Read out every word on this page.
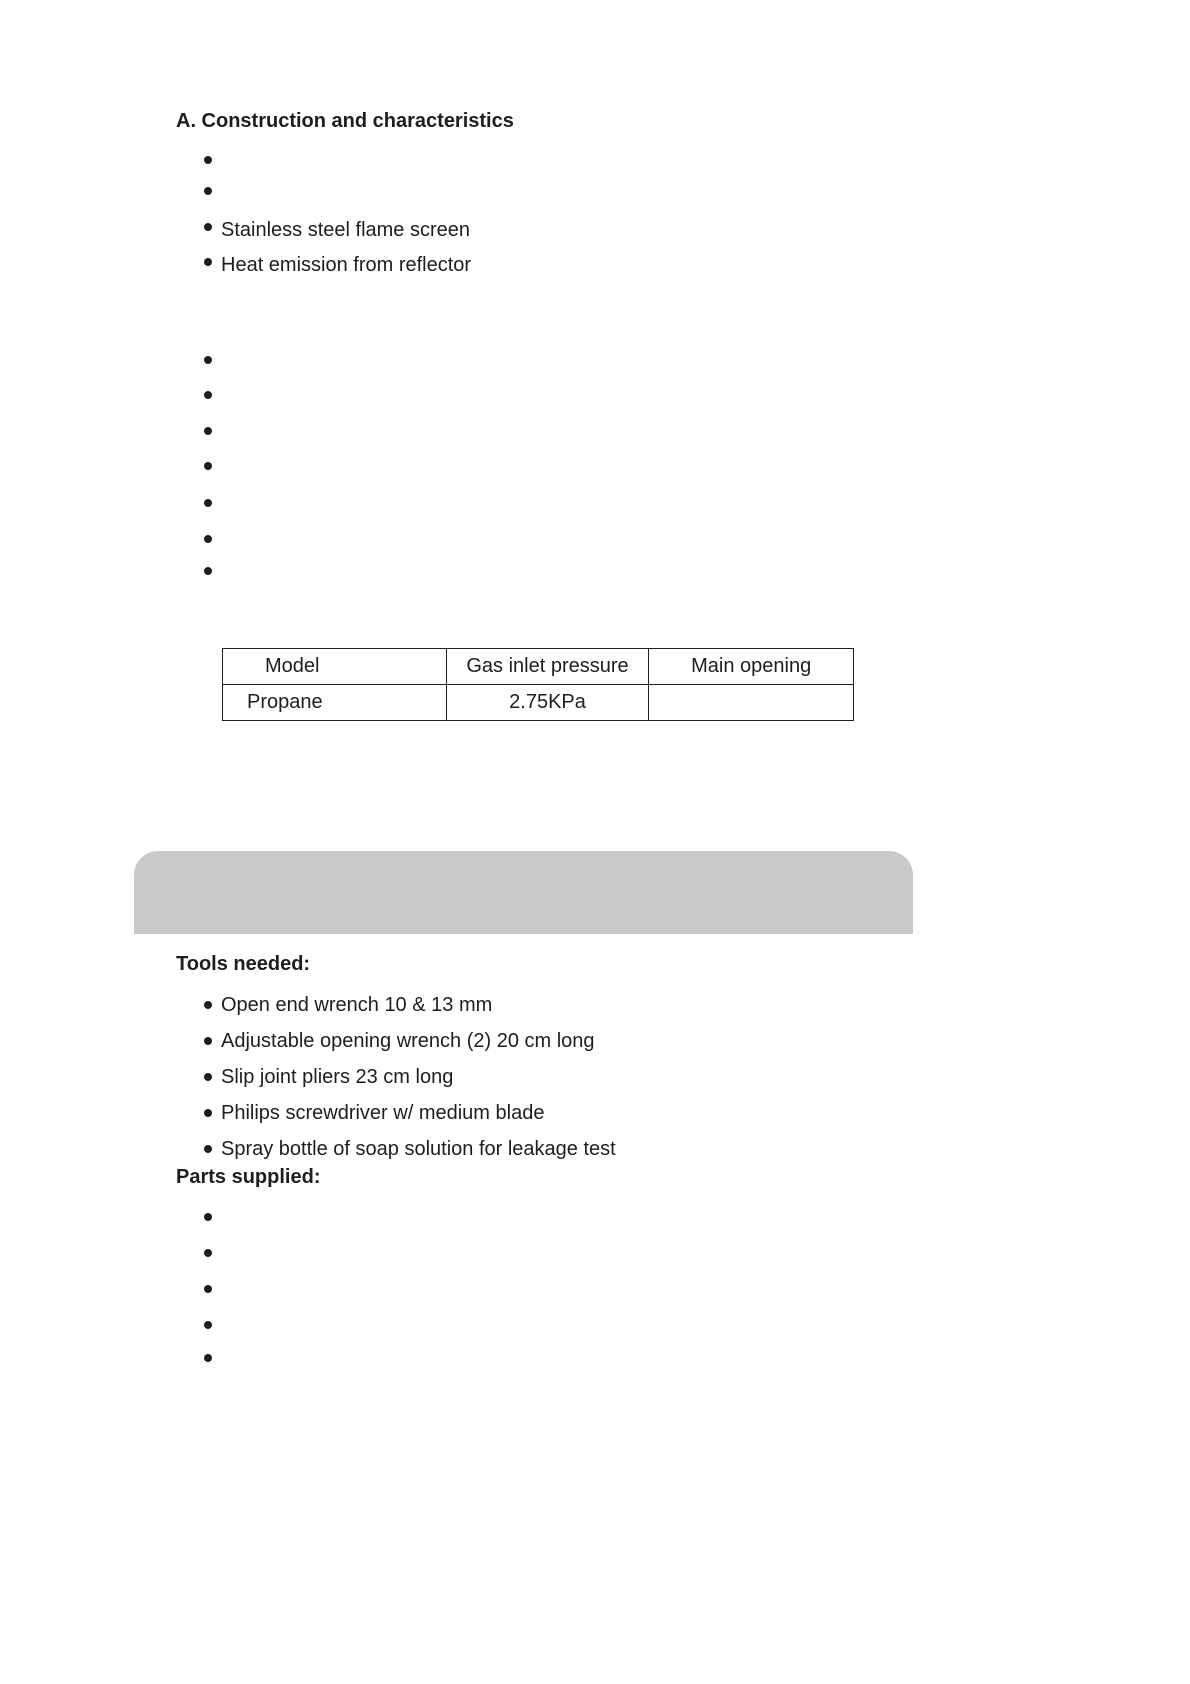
A. Construction and characteristics
Stainless steel flame screen
Heat emission from reflector
Model	Gas inlet pressure	Main opening
Propane	2.75KPa	
Tools needed:
Open end wrench 10 & 13 mm
Adjustable opening wrench (2) 20 cm long
Slip joint pliers 23 cm long
Philips screwdriver w/ medium blade
Spray bottle of soap solution for leakage test
Parts supplied:
